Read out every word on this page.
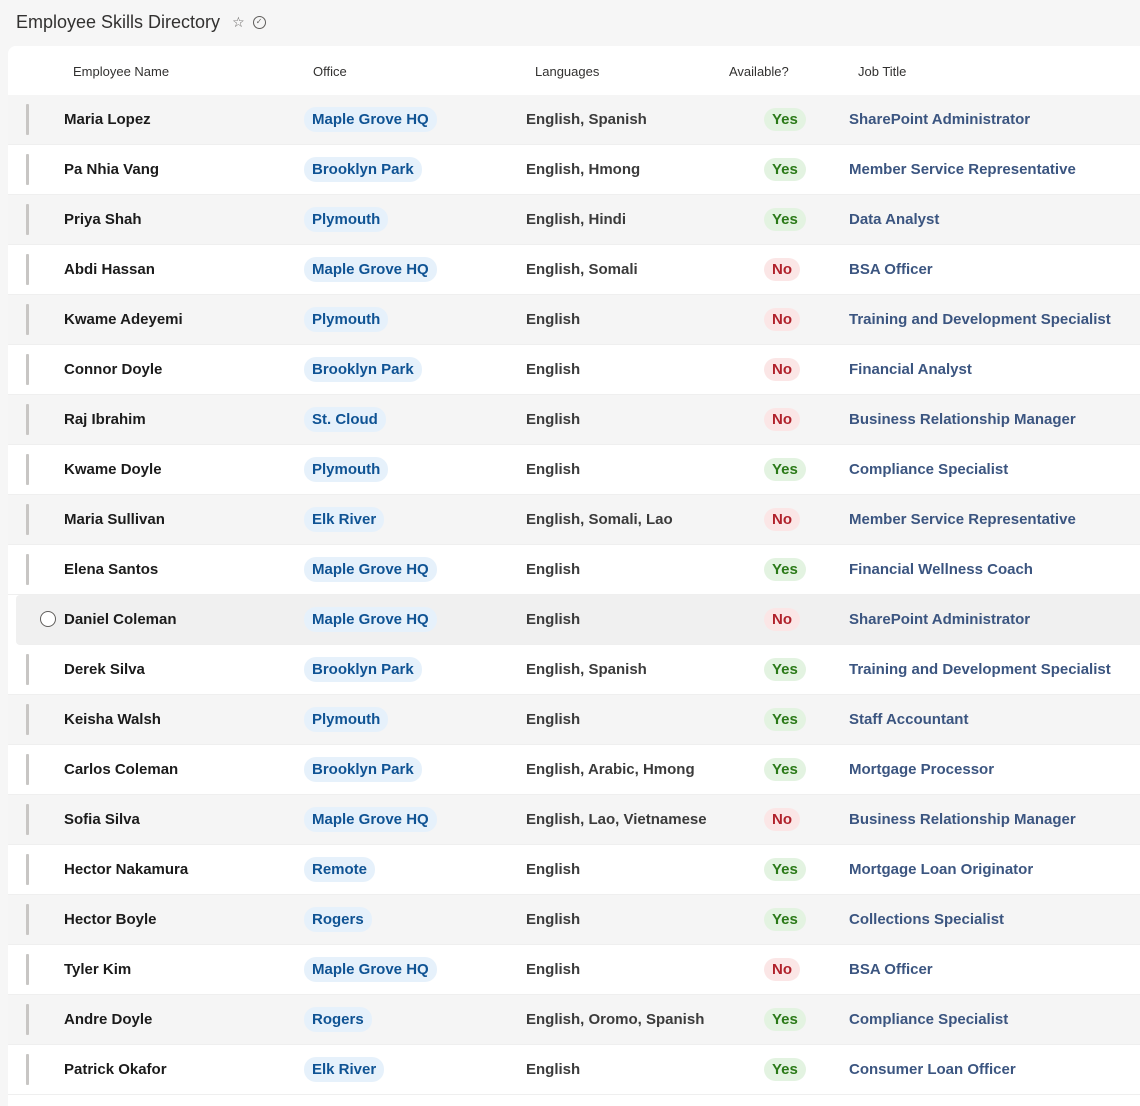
Employee Skills Directory ☆	✓
Employee Name	Office	Languages	Available?	Job Title
Maria Lopez	Maple Grove HQ	English, Spanish	Yes	SharePoint Administrator
Pa Nhia Vang	Brooklyn Park	English, Hmong	Yes	Member Service Representative
Priya Shah	Plymouth	English, Hindi	Yes	Data Analyst
Abdi Hassan	Maple Grove HQ	English, Somali	No	BSA Officer
Kwame Adeyemi	Plymouth	English	No	Training and Development Specialist
Connor Doyle	Brooklyn Park	English	No	Financial Analyst
Raj Ibrahim	St. Cloud	English	No	Business Relationship Manager
Kwame Doyle	Plymouth	English	Yes	Compliance Specialist
Maria Sullivan	Elk River	English, Somali, Lao	No	Member Service Representative
Elena Santos	Maple Grove HQ	English	Yes	Financial Wellness Coach
Daniel Coleman	Maple Grove HQ	English	No	SharePoint Administrator
Derek Silva	Brooklyn Park	English, Spanish	Yes	Training and Development Specialist
Keisha Walsh	Plymouth	English	Yes	Staff Accountant
Carlos Coleman	Brooklyn Park	English, Arabic, Hmong	Yes	Mortgage Processor
Sofia Silva	Maple Grove HQ	English, Lao, Vietnamese	No	Business Relationship Manager
Hector Nakamura	Remote	English	Yes	Mortgage Loan Originator
Hector Boyle	Rogers	English	Yes	Collections Specialist
Tyler Kim	Maple Grove HQ	English	No	BSA Officer
Andre Doyle	Rogers	English, Oromo, Spanish	Yes	Compliance Specialist
Patrick Okafor	Elk River	English	Yes	Consumer Loan Officer
